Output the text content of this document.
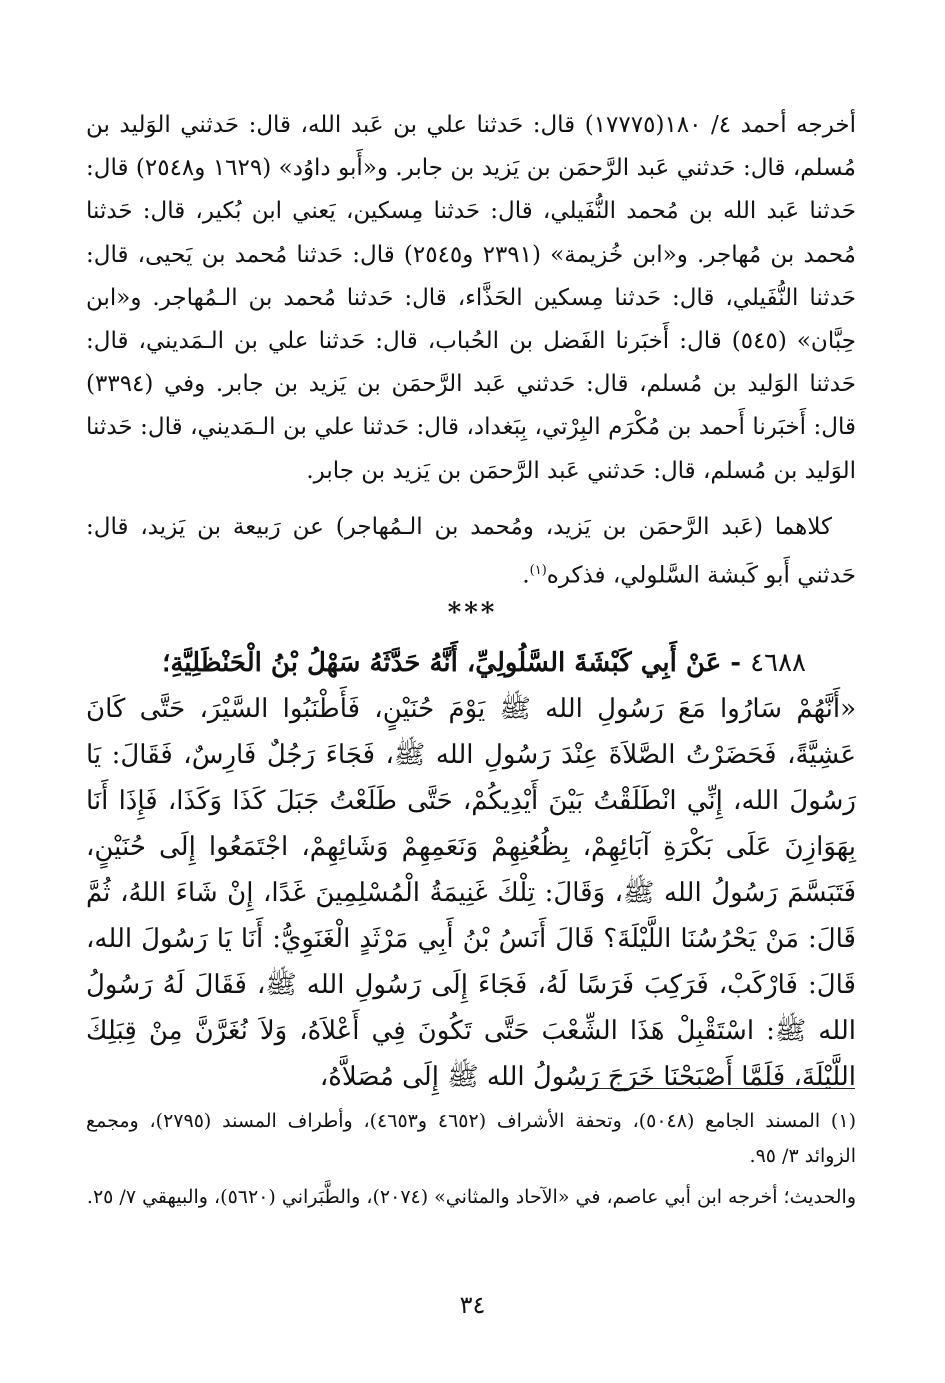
أخرجه أحمد ٤/ ١٨٠(١٧٧٧٥) قال: حَدثنا علي بن عَبد الله، قال: حَدثني الوَليد بن مُسلم، قال: حَدثني عَبد الرَّحمَن بن يَزيد بن جابر. و«أَبو داوُد» (١٦٢٩ و٢٥٤٨) قال: حَدثنا عَبد الله بن مُحمد النُّفَيلي، قال: حَدثنا مِسكين، يَعني ابن بُكير، قال: حَدثنا مُحمد بن مُهاجر. و«ابن خُزيمة» (٢٣٩١ و٢٥٤٥) قال: حَدثنا مُحمد بن يَحيى، قال: حَدثنا النُّفَيلي، قال: حَدثنا مِسكين الحَذَّاء، قال: حَدثنا مُحمد بن الـمُهاجر. و«ابن حِبَّان» (٥٤٥) قال: أَخبَرنا الفَضل بن الحُباب، قال: حَدثنا علي بن الـمَديني، قال: حَدثنا الوَليد بن مُسلم، قال: حَدثني عَبد الرَّحمَن بن يَزيد بن جابر. وفي (٣٣٩٤) قال: أَخبَرنا أَحمد بن مُكْرَم البِرْتي، بِبَغداد، قال: حَدثنا علي بن الـمَديني، قال: حَدثنا الوَليد بن مُسلم، قال: حَدثني عَبد الرَّحمَن بن يَزيد بن جابر.

كلاهما (عَبد الرَّحمَن بن يَزيد، ومُحمد بن الـمُهاجر) عن رَبيعة بن يَزيد، قال: حَدثني أَبو كَبشة السَّلولي، فذكره$^{(١)}$.

***
٤٦٨٨ - عَنْ أَبِي كَبْشَةَ السَّلُولِيِّ، أَنَّهُ حَدَّثَهُ سَهْلُ بْنُ الْحَنْظَلِيَّةِ؛
«أَنَّهُمْ سَارُوا مَعَ رَسُولِ الله ﷺ يَوْمَ حُنَيْنٍ، فَأَطْنَبُوا السَّيْرَ، حَتَّى كَانَ عَشِيَّةً، فَحَضَرْتُ الصَّلاَةَ عِنْدَ رَسُولِ الله ﷺ، فَجَاءَ رَجُلٌ فَارِسٌ، فَقَالَ: يَا رَسُولَ الله، إِنِّي انْطَلَقْتُ بَيْنَ أَيْدِيكُمْ، حَتَّى طَلَعْتُ جَبَلَ كَذَا وَكَذَا، فَإِذَا أَنَا بِهَوَازِنَ عَلَى بَكْرَةِ آبَائِهِمْ، بِظُعُنِهِمْ وَنَعَمِهِمْ وَشَائِهِمْ، اجْتَمَعُوا إِلَى حُنَيْنٍ، فَتَبَسَّمَ رَسُولُ الله ﷺ، وَقَالَ: تِلْكَ غَنِيمَةُ الْمُسْلِمِينَ غَدًا، إِنْ شَاءَ اللهُ، ثُمَّ قَالَ: مَنْ يَحْرُسُنَا اللَّيْلَةَ؟ قَالَ أَنَسُ بْنُ أَبِي مَرْثَدٍ الْغَنَوِيُّ: أَنَا يَا رَسُولَ الله، قَالَ: فَارْكَبْ، فَرَكِبَ فَرَسًا لَهُ، فَجَاءَ إِلَى رَسُولِ الله ﷺ، فَقَالَ لَهُ رَسُولُ الله ﷺ: اسْتَقْبِلْ هَذَا الشِّعْبَ حَتَّى تَكُونَ فِي أَعْلاَهُ، وَلاَ نُغَرَّنَّ مِنْ قِبَلِكَ اللَّيْلَةَ، فَلَمَّا أَصْبَحْنَا خَرَجَ رَسُولُ الله ﷺ إِلَى مُصَلاَّهُ،

(١) المسند الجامع (٥٠٤٨)، وتحفة الأشراف (٤٦٥٢ و٤٦٥٣)، وأطراف المسند (٢٧٩٥)، ومجمع الزوائد ٣/ ٩٥.

والحديث؛ أخرجه ابن أبي عاصم، في «الآحاد والمثاني» (٢٠٧٤)، والطَّبَراني (٥٦٢٠)، والبيهقي ٧/ ٢٥.

٣٤
